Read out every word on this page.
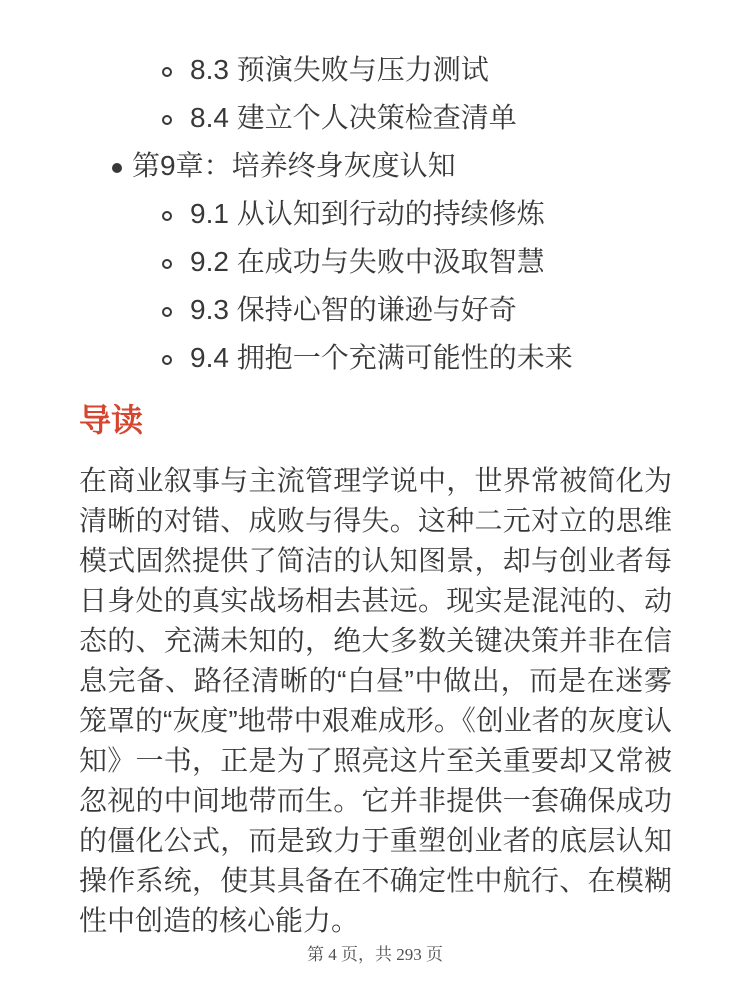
8.3 预演失败与压力测试
8.4 建立个人决策检查清单
第9章：培养终身灰度认知
9.1 从认知到行动的持续修炼
9.2 在成功与失败中汲取智慧
9.3 保持心智的谦逊与好奇
9.4 拥抱一个充满可能性的未来
导读

在商业叙事与主流管理学说中，世界常被简化为清晰的对错、成败与得失。这种二元对立的思维模式固然提供了简洁的认知图景，却与创业者每日身处的真实战场相去甚远。现实是混沌的、动态的、充满未知的，绝大多数关键决策并非在信息完备、路径清晰的“白昼”中做出，而是在迷雾笼罩的“灰度”地带中艰难成形。《创业者的灰度认知》一书，正是为了照亮这片至关重要却又常被忽视的中间地带而生。它并非提供一套确保成功的僵化公式，而是致力于重塑创业者的底层认知操作系统，使其具备在不确定性中航行、在模糊性中创造的核心能力。

第 4 页，共 293 页
